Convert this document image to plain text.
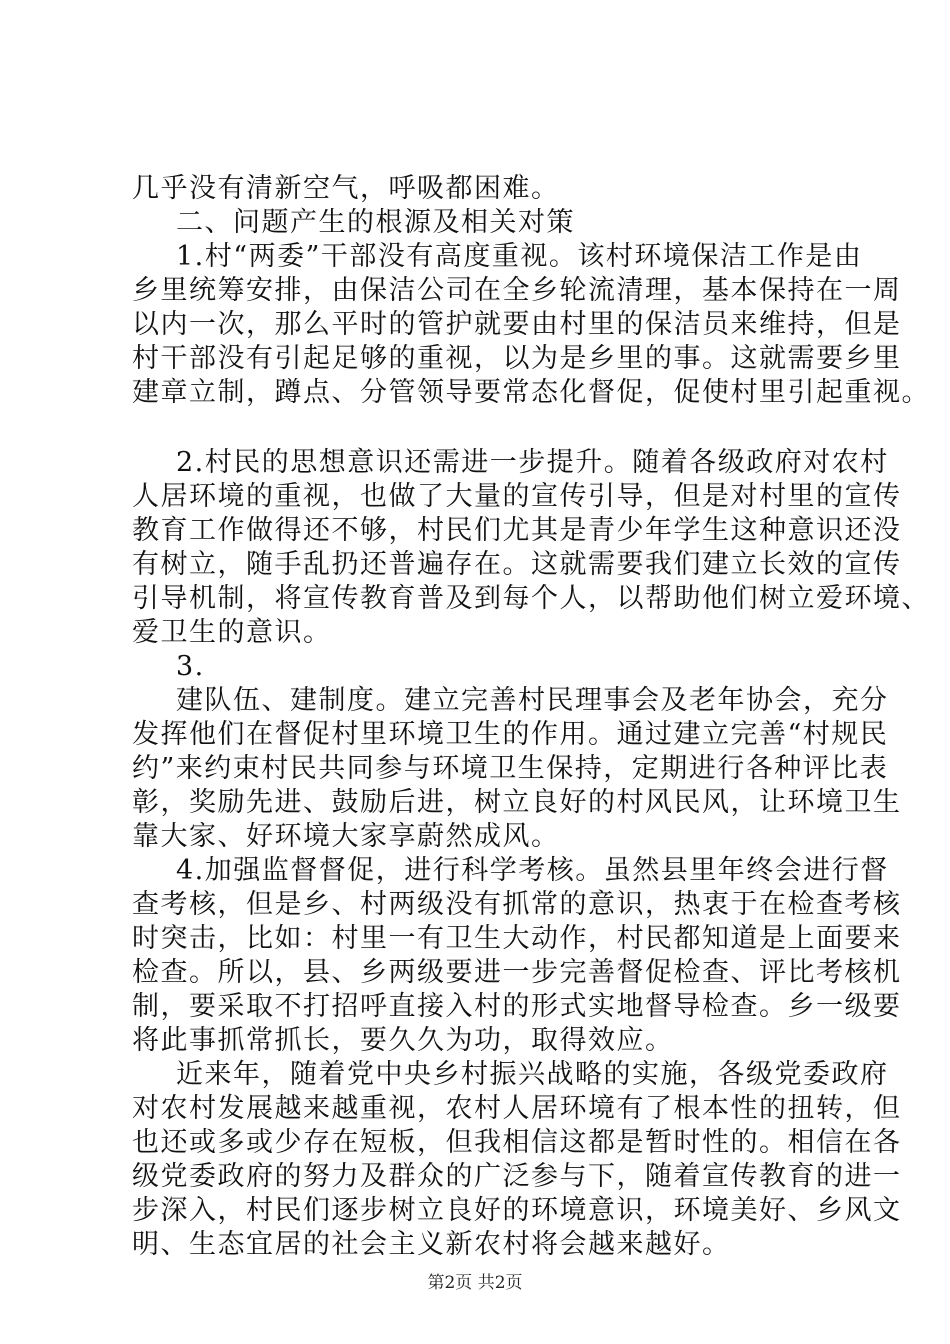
几乎没有清新空气，呼吸都困难。
二、问题产生的根源及相关对策
1.村“两委”干部没有高度重视。该村环境保洁工作是由
乡里统筹安排，由保洁公司在全乡轮流清理，基本保持在一周
以内一次，那么平时的管护就要由村里的保洁员来维持，但是
村干部没有引起足够的重视，以为是乡里的事。这就需要乡里
建章立制，蹲点、分管领导要常态化督促，促使村里引起重视。
2.村民的思想意识还需进一步提升。随着各级政府对农村
人居环境的重视，也做了大量的宣传引导，但是对村里的宣传
教育工作做得还不够，村民们尤其是青少年学生这种意识还没
有树立，随手乱扔还普遍存在。这就需要我们建立长效的宣传
引导机制，将宣传教育普及到每个人，以帮助他们树立爱环境、
爱卫生的意识。
3.
建队伍、建制度。建立完善村民理事会及老年协会，充分
发挥他们在督促村里环境卫生的作用。通过建立完善“村规民
约”来约束村民共同参与环境卫生保持，定期进行各种评比表
彰，奖励先进、鼓励后进，树立良好的村风民风，让环境卫生
靠大家、好环境大家享蔚然成风。
4.加强监督督促，进行科学考核。虽然县里年终会进行督
查考核，但是乡、村两级没有抓常的意识，热衷于在检查考核
时突击，比如：村里一有卫生大动作，村民都知道是上面要来
检查。所以，县、乡两级要进一步完善督促检查、评比考核机
制，要采取不打招呼直接入村的形式实地督导检查。乡一级要
将此事抓常抓长，要久久为功，取得效应。
近来年，随着党中央乡村振兴战略的实施，各级党委政府
对农村发展越来越重视，农村人居环境有了根本性的扭转，但
也还或多或少存在短板，但我相信这都是暂时性的。相信在各
级党委政府的努力及群众的广泛参与下，随着宣传教育的进一
步深入，村民们逐步树立良好的环境意识，环境美好、乡风文
明、生态宜居的社会主义新农村将会越来越好。
第2页 共2页
